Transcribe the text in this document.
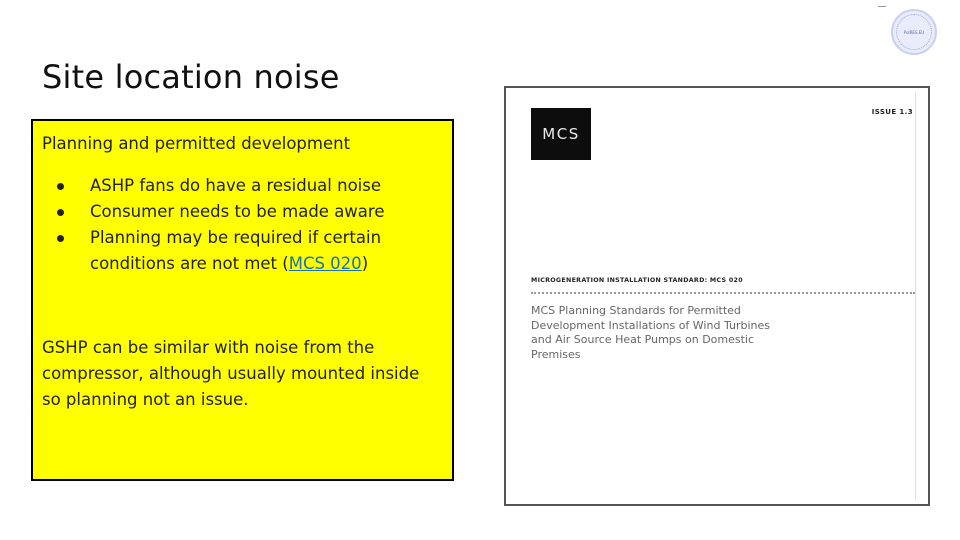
PolRES.EU
Site location noise

Planning and permitted development

ASHP fans do have a residual noise
Consumer needs to be made aware
Planning may be required if certain conditions are not met (MCS 020)

GSHP can be similar with noise from the compressor, although usually mounted inside so planning not an issue.

MCS
ISSUE 1.3
MICROGENERATION INSTALLATION STANDARD: MCS 020
MCS Planning Standards for Permitted Development Installations of Wind Turbines and Air Source Heat Pumps on Domestic Premises
